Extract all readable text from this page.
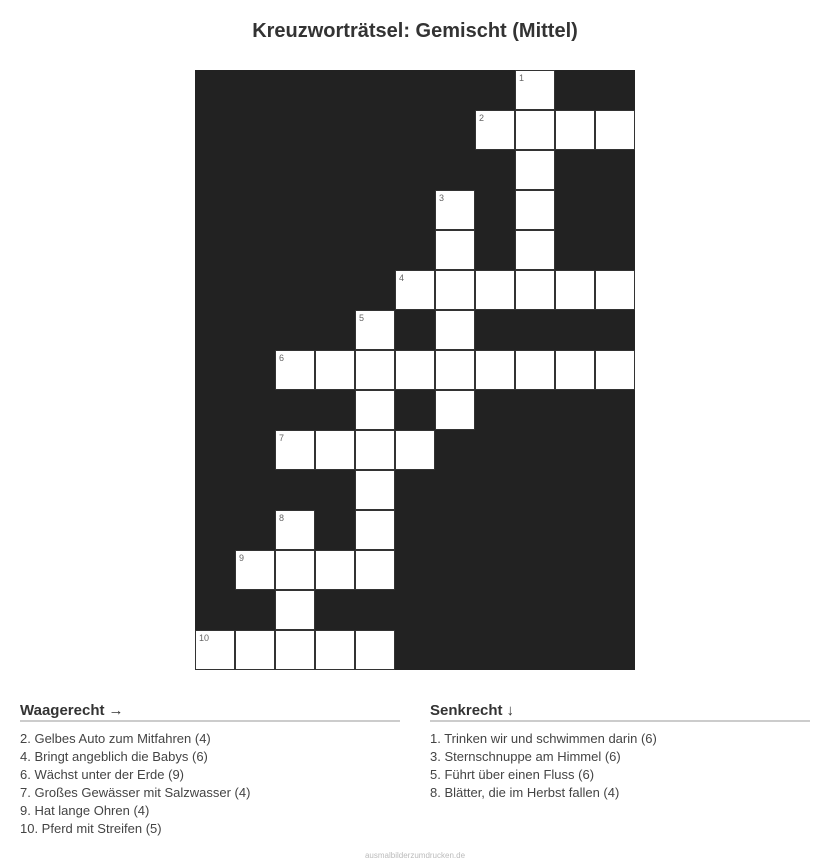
Kreuzworträtsel: Gemischt (Mittel)
1
2
3
4
5
6
7
8
9
10
Waagerecht →
2. Gelbes Auto zum Mitfahren (4)
4. Bringt angeblich die Babys (6)
6. Wächst unter der Erde (9)
7. Großes Gewässer mit Salzwasser (4)
9. Hat lange Ohren (4)
10. Pferd mit Streifen (5)
Senkrecht ↓
1. Trinken wir und schwimmen darin (6)
3. Sternschnuppe am Himmel (6)
5. Führt über einen Fluss (6)
8. Blätter, die im Herbst fallen (4)
ausmalbilderzumdrucken.de
